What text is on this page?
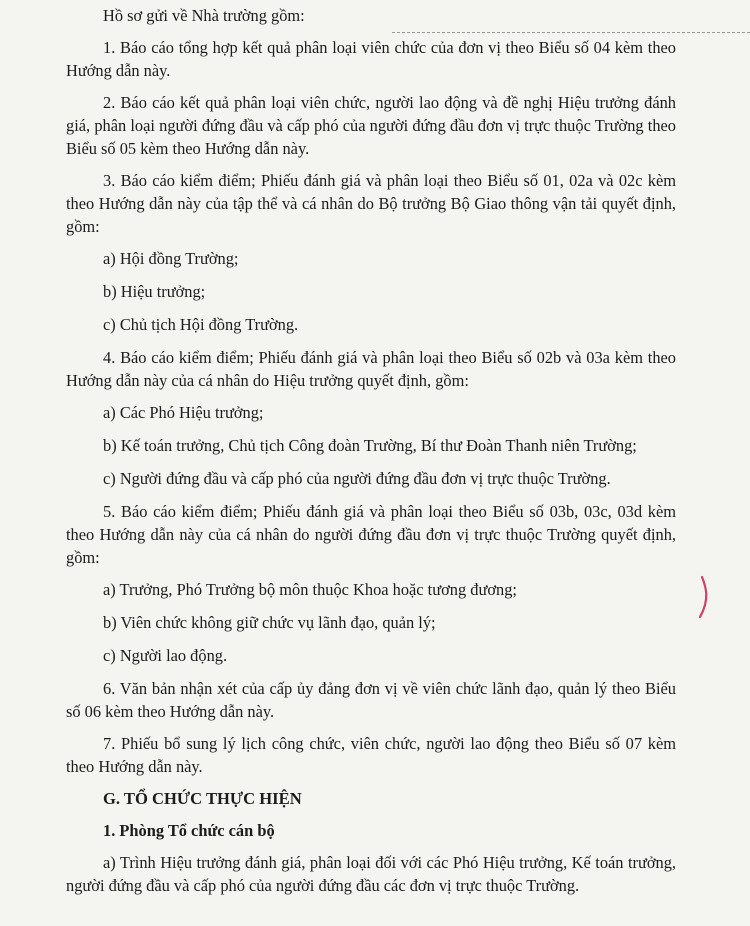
Hồ sơ gửi về Nhà trường gồm:

1. Báo cáo tổng hợp kết quả phân loại viên chức của đơn vị theo Biểu số 04 kèm theo Hướng dẫn này.

2. Báo cáo kết quả phân loại viên chức, người lao động và đề nghị Hiệu trưởng đánh giá, phân loại người đứng đầu và cấp phó của người đứng đầu đơn vị trực thuộc Trường theo Biểu số 05 kèm theo Hướng dẫn này.

3. Báo cáo kiểm điểm; Phiếu đánh giá và phân loại theo Biểu số 01, 02a và 02c kèm theo Hướng dẫn này của tập thể và cá nhân do Bộ trưởng Bộ Giao thông vận tải quyết định, gồm:

a) Hội đồng Trường;

b) Hiệu trưởng;

c) Chủ tịch Hội đồng Trường.

4. Báo cáo kiểm điểm; Phiếu đánh giá và phân loại theo Biểu số 02b và 03a kèm theo Hướng dẫn này của cá nhân do Hiệu trưởng quyết định, gồm:

a) Các Phó Hiệu trưởng;

b) Kế toán trưởng, Chủ tịch Công đoàn Trường, Bí thư Đoàn Thanh niên Trường;

c) Người đứng đầu và cấp phó của người đứng đầu đơn vị trực thuộc Trường.

5. Báo cáo kiểm điểm; Phiếu đánh giá và phân loại theo Biểu số 03b, 03c, 03d kèm theo Hướng dẫn này của cá nhân do người đứng đầu đơn vị trực thuộc Trường quyết định, gồm:

a) Trưởng, Phó Trưởng bộ môn thuộc Khoa hoặc tương đương;

b) Viên chức không giữ chức vụ lãnh đạo, quản lý;

c) Người lao động.

6. Văn bản nhận xét của cấp ủy đảng đơn vị về viên chức lãnh đạo, quản lý theo Biểu số 06 kèm theo Hướng dẫn này.

7. Phiếu bổ sung lý lịch công chức, viên chức, người lao động theo Biểu số 07 kèm theo Hướng dẫn này.

G. TỔ CHỨC THỰC HIỆN
1. Phòng Tổ chức cán bộ

a) Trình Hiệu trưởng đánh giá, phân loại đối với các Phó Hiệu trưởng, Kế toán trưởng, người đứng đầu và cấp phó của người đứng đầu các đơn vị trực thuộc Trường.
